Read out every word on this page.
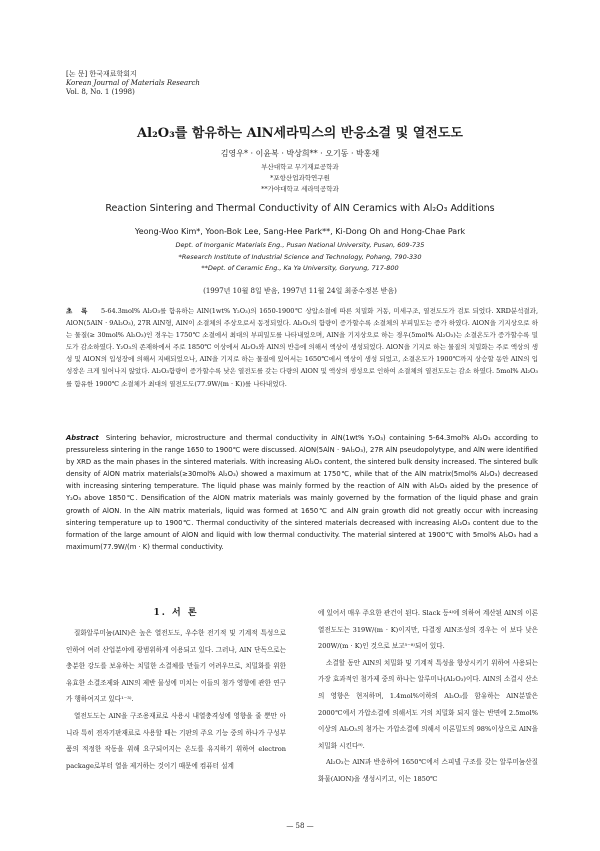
[논 문] 한국재료학회지
Korean Journal of Materials Research
Vol. 8, No. 1 (1998)
Al₂O₃를 함유하는 AlN세라믹스의 반응소결 및 열전도도
김영우* · 이윤복 · 박상희** · 오기동 · 박홍채
부산대학교 무기재료공학과
*포항산업과학연구원
**가야대학교 세라믹공학과
Reaction Sintering and Thermal Conductivity of AlN Ceramics with Al₂O₃ Additions
Yeong-Woo Kim*, Yoon-Bok Lee, Sang-Hee Park**, Ki-Dong Oh and Hong-Chae Park
Dept. of Inorganic Materials Eng., Pusan National University, Pusan, 609-735
*Research Institute of Industrial Science and Technology, Pohang, 790-330
**Dept. of Ceramic Eng., Ka Ya University, Goryung, 717-800
(1997년 10월 8일 받음, 1997년 11월 24일 최종수정본 받음)

초 록 5-64.3mol% Al₂O₃를 함유하는 AlN(1wt% Y₂O₃)의 1650-1900℃ 상압소결에 따른 치밀화 거동, 미세구조, 열전도도가 검토 되었다. XRD분석결과, AlON(5AlN · 9Al₂O₃), 27R AlN형, AlN이 소결체의 주상으로서 동정되었다. Al₂O₃의 함량이 증가할수록 소결체의 부피밀도는 증가 하였다. AlON을 기지상으로 하는 물질(≥ 30mol% Al₂O₃)인 경우는 1750℃ 소결에서 최대의 부피밀도를 나타내었으며, AlN을 기지상으로 하는 경우(5mol% Al₂O₃)는 소결온도가 증가할수록 밀도가 감소하였다. Y₂O₃의 존재하에서 주로 1850℃ 이상에서 Al₂O₃와 AlN의 반응에 의해서 액상이 생성되었다. AlON을 기지로 하는 물질의 치밀화는 주로 액상의 생성 및 AlON의 입성장에 의해서 지배되었으나, AlN을 기지로 하는 물질에 있어서는 1650℃에서 액상이 생성 되었고, 소결온도가 1900℃까지 상승할 동안 AlN의 입성장은 크게 일어나지 않았다. Al₂O₃함량이 증가할수록 낮은 열전도를 갖는 다량의 AlON 및 액상의 생성으로 인하여 소결체의 열전도도는 감소 하였다. 5mol% Al₂O₃를 함유한 1900℃ 소결체가 최대의 열전도도(77.9W/(m · K))를 나타내었다.

Abstract Sintering behavior, microstructure and thermal conductivity in AlN(1wt% Y₂O₃) containing 5-64.3mol% Al₂O₃ according to pressureless sintering in the range 1650 to 1900℃ were discussed. AlON(5AlN · 9Al₂O₃), 27R AlN pseudopolytype, and AlN were identified by XRD as the main phases in the sintered materials. With increasing Al₂O₃ content, the sintered bulk density increased. The sintered bulk density of AlON matrix materials(≥30mol% Al₂O₃) showed a maximum at 1750℃, while that of the AlN matrix(5mol% Al₂O₃) decreased with increasing sintering temperature. The liquid phase was mainly formed by the reaction of AlN with Al₂O₃ aided by the presence of Y₂O₃ above 1850℃. Densification of the AlON matrix materials was mainly governed by the formation of the liquid phase and grain growth of AlON. In the AlN matrix materials, liquid was formed at 1650℃ and AlN grain growth did not greatly occur with increasing sintering temperature up to 1900℃. Thermal conductivity of the sintered materials decreased with increasing Al₂O₃ content due to the formation of the large amount of AlON and liquid with low thermal conductivity. The material sintered at 1900℃ with 5mol% Al₂O₃ had a maximum(77.9W/(m · K) thermal conductivity.

1. 서 론

질화알루미늄(AlN)은 높은 열전도도, 우수한 전기적 및 기계적 특성으로 인하여 여러 산업분야에 광범위하게 이용되고 있다. 그러나, AlN 단독으로는 충분한 강도를 보유하는 치밀한 소결체를 만들기 어려우므로, 치밀화를 위한 유효한 소결조제와 AlN의 제반 물성에 미치는 이들의 첨가 영향에 관한 연구가 행하여지고 있다¹⁻³⁾.

열전도도는 AlN을 구조용재료로 사용시 내열충격성에 영향을 줄 뿐만 아니라 특히 전자기판재료로 사용할 때는 기판의 주요 기능 중의 하나가 구성부품의 적정한 작동을 위해 요구되어지는 온도를 유지하기 위하여 electron package로부터 열을 제거하는 것이기 때문에 컴퓨터 설계

에 있어서 매우 주요한 관건이 된다. Slack 등⁴⁾에 의하여 계산된 AlN의 이론 열전도도는 319W/(m · K)이지만, 다결정 AlN조성의 경우는 이 보다 낮은 200W/(m · K)인 것으로 보고⁵⁻⁸⁾되어 있다.

소결할 동안 AlN의 치밀화 및 기계적 특성을 향상시키기 위하여 사용되는 가장 효과적인 첨가제 중의 하나는 알루미나(Al₂O₃)이다. AlN의 소결시 산소의 영향은 현저하며, 1.4mol%이하의 Al₂O₃를 함유하는 AlN분말은 2000℃에서 가압소결에 의해서도 거의 치밀화 되지 않는 반면에 2.5mol%이상의 Al₂O₃의 첨가는 가압소결에 의해서 이론밀도의 98%이상으로 AlN을 치밀화 시킨다⁹⁾.

Al₂O₃는 AlN과 반응하여 1650℃에서 스피넬 구조를 갖는 알루미늄산질화물(AlON)을 생성시키고, 이는 1850℃

— 58 —
